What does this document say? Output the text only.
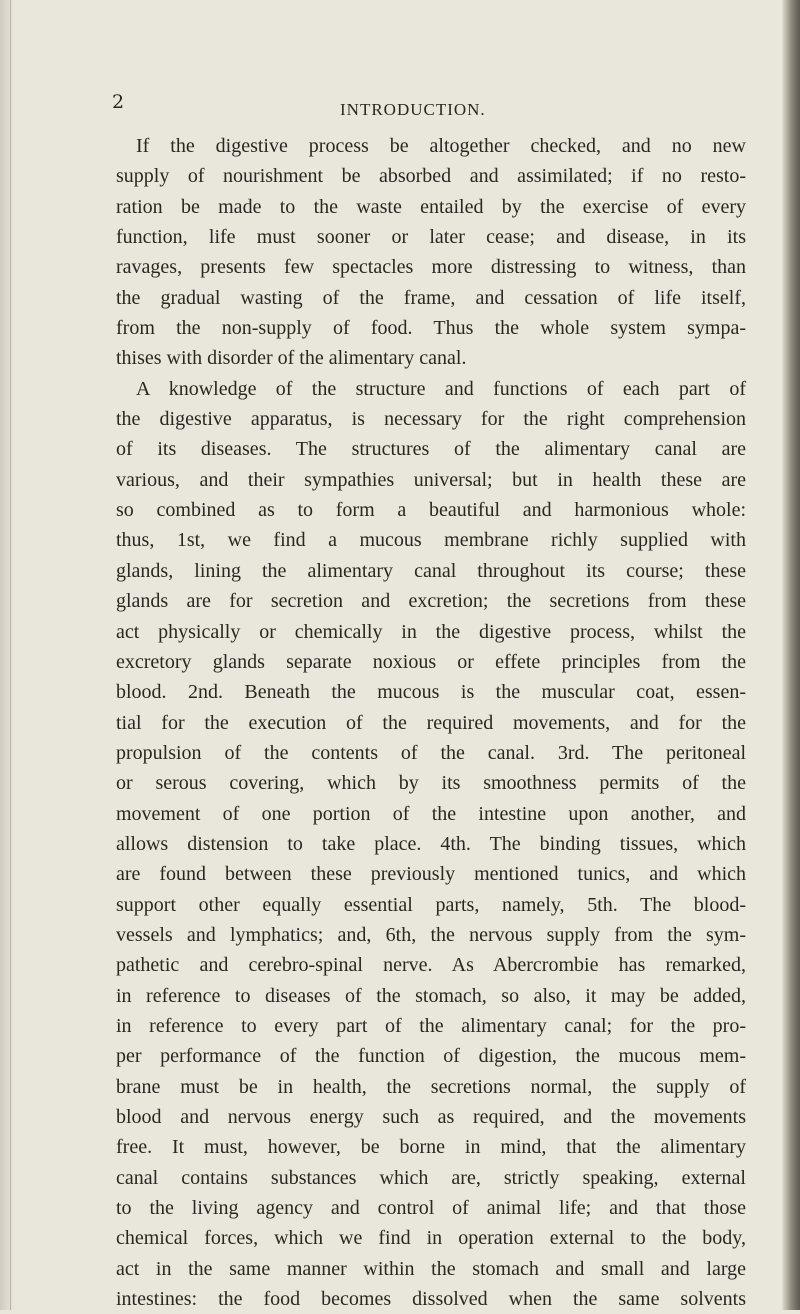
2	INTRODUCTION.
If the digestive process be altogether checked, and no new
supply of nourishment be absorbed and assimilated; if no resto-
ration be made to the waste entailed by the exercise of every
function, life must sooner or later cease; and disease, in its
ravages, presents few spectacles more distressing to witness, than
the gradual wasting of the frame, and cessation of life itself,
from the non-supply of food. Thus the whole system sympa-
thises with disorder of the alimentary canal.
A knowledge of the structure and functions of each part of
the digestive apparatus, is necessary for the right comprehension
of its diseases. The structures of the alimentary canal are
various, and their sympathies universal; but in health these are
so combined as to form a beautiful and harmonious whole:
thus, 1st, we find a mucous membrane richly supplied with
glands, lining the alimentary canal throughout its course; these
glands are for secretion and excretion; the secretions from these
act physically or chemically in the digestive process, whilst the
excretory glands separate noxious or effete principles from the
blood. 2nd. Beneath the mucous is the muscular coat, essen-
tial for the execution of the required movements, and for the
propulsion of the contents of the canal. 3rd. The peritoneal
or serous covering, which by its smoothness permits of the
movement of one portion of the intestine upon another, and
allows distension to take place. 4th. The binding tissues, which
are found between these previously mentioned tunics, and which
support other equally essential parts, namely, 5th. The blood-
vessels and lymphatics; and, 6th, the nervous supply from the sym-
pathetic and cerebro-spinal nerve. As Abercrombie has remarked,
in reference to diseases of the stomach, so also, it may be added,
in reference to every part of the alimentary canal; for the pro-
per performance of the function of digestion, the mucous mem-
brane must be in health, the secretions normal, the supply of
blood and nervous energy such as required, and the movements
free. It must, however, be borne in mind, that the alimentary
canal contains substances which are, strictly speaking, external
to the living agency and control of animal life; and that those
chemical forces, which we find in operation external to the body,
act in the same manner within the stomach and small and large
intestines: the food becomes dissolved when the same solvents
